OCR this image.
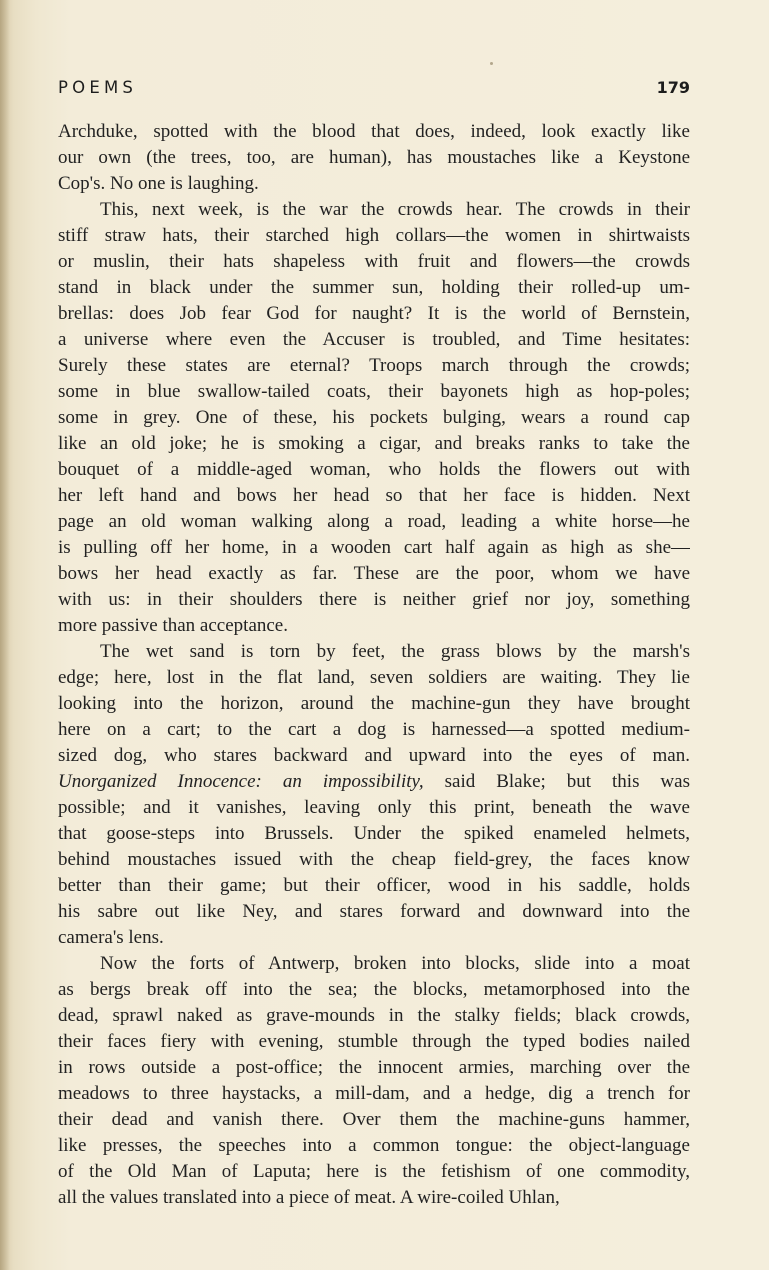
POEMS	179
Archduke, spotted with the blood that does, indeed, look exactly like
our own (the trees, too, are human), has moustaches like a Keystone
Cop's. No one is laughing.
This, next week, is the war the crowds hear. The crowds in their
stiff straw hats, their starched high collars—the women in shirtwaists
or muslin, their hats shapeless with fruit and flowers—the crowds
stand in black under the summer sun, holding their rolled-up um-
brellas: does Job fear God for naught? It is the world of Bernstein,
a universe where even the Accuser is troubled, and Time hesitates:
Surely these states are eternal? Troops march through the crowds;
some in blue swallow-tailed coats, their bayonets high as hop-poles;
some in grey. One of these, his pockets bulging, wears a round cap
like an old joke; he is smoking a cigar, and breaks ranks to take the
bouquet of a middle-aged woman, who holds the flowers out with
her left hand and bows her head so that her face is hidden. Next
page an old woman walking along a road, leading a white horse—he
is pulling off her home, in a wooden cart half again as high as she—
bows her head exactly as far. These are the poor, whom we have
with us: in their shoulders there is neither grief nor joy, something
more passive than acceptance.
The wet sand is torn by feet, the grass blows by the marsh's
edge; here, lost in the flat land, seven soldiers are waiting. They lie
looking into the horizon, around the machine-gun they have brought
here on a cart; to the cart a dog is harnessed—a spotted medium-
sized dog, who stares backward and upward into the eyes of man.
Unorganized Innocence: an impossibility, said Blake; but this was
possible; and it vanishes, leaving only this print, beneath the wave
that goose-steps into Brussels. Under the spiked enameled helmets,
behind moustaches issued with the cheap field-grey, the faces know
better than their game; but their officer, wood in his saddle, holds
his sabre out like Ney, and stares forward and downward into the
camera's lens.
Now the forts of Antwerp, broken into blocks, slide into a moat
as bergs break off into the sea; the blocks, metamorphosed into the
dead, sprawl naked as grave-mounds in the stalky fields; black crowds,
their faces fiery with evening, stumble through the typed bodies nailed
in rows outside a post-office; the innocent armies, marching over the
meadows to three haystacks, a mill-dam, and a hedge, dig a trench for
their dead and vanish there. Over them the machine-guns hammer,
like presses, the speeches into a common tongue: the object-language
of the Old Man of Laputa; here is the fetishism of one commodity,
all the values translated into a piece of meat. A wire-coiled Uhlan,
